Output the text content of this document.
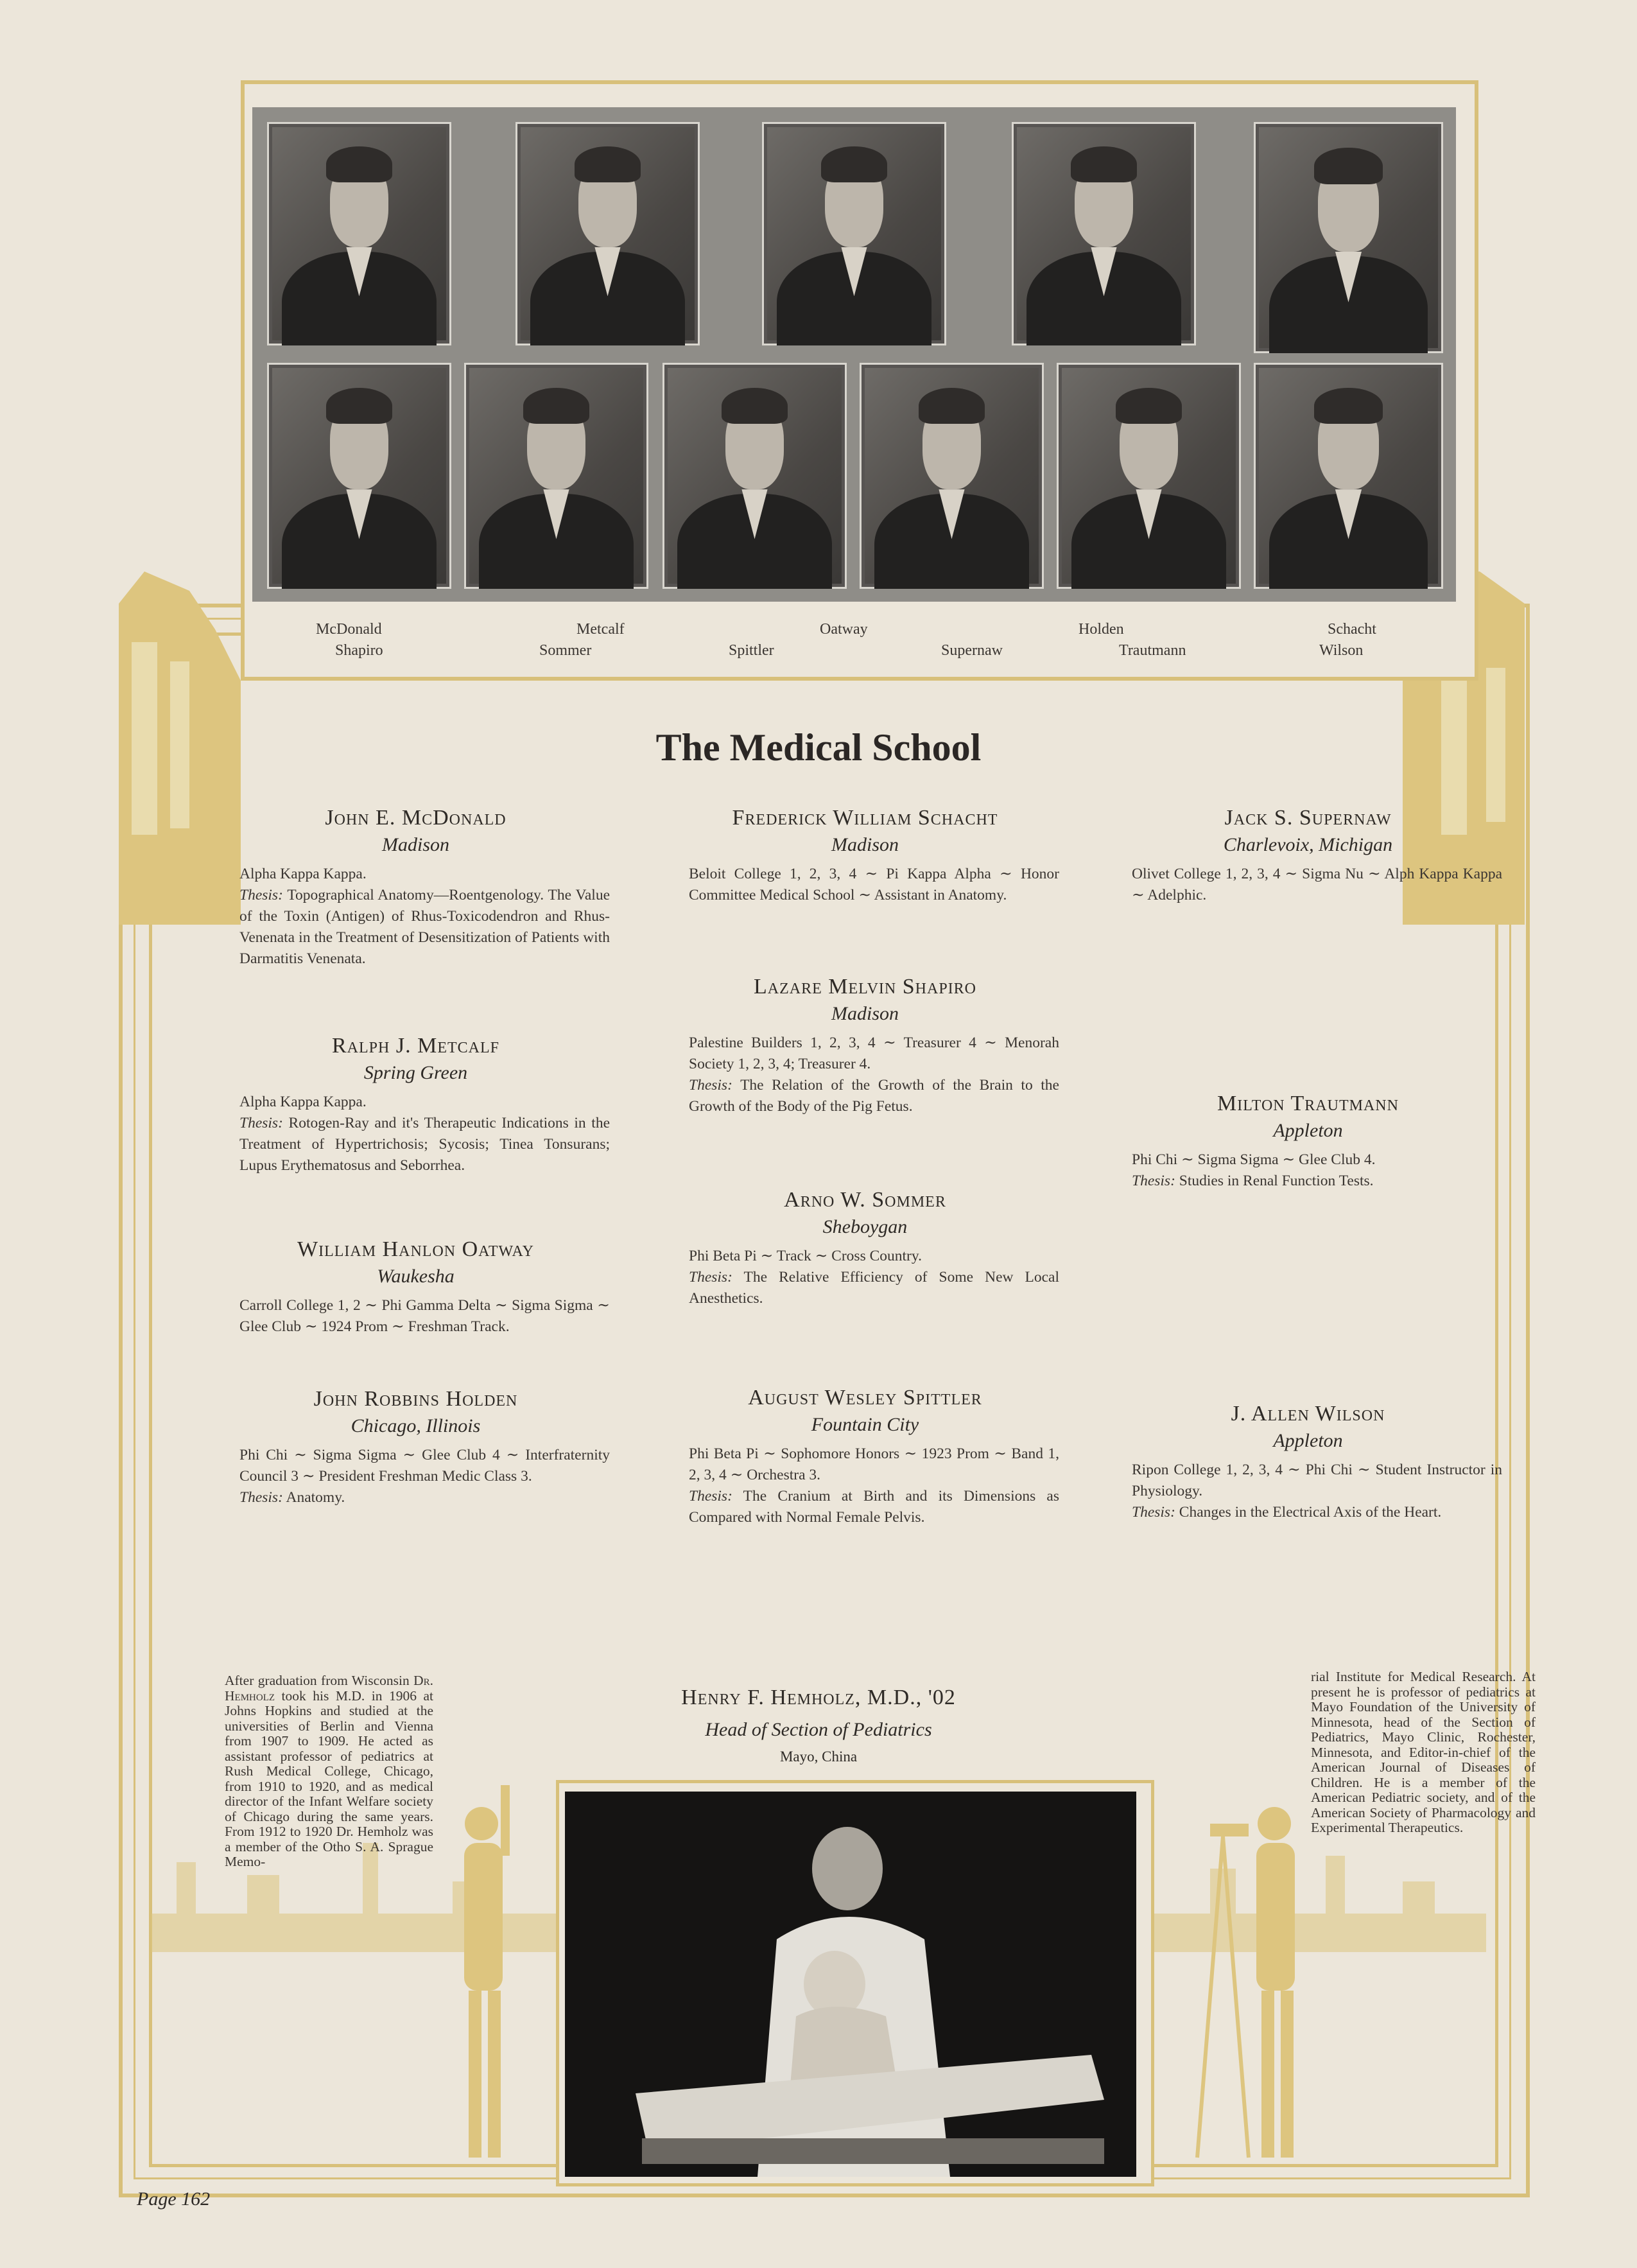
McDonald	Metcalf	Oatway	Holden	Schacht
Shapiro	Sommer	Spittler	Supernaw	Trautmann	Wilson
The Medical School
John E. McDonald
Madison
Alpha Kappa Kappa.
Thesis: Topographical Anatomy—Roentgenology. The Value of the Toxin (Antigen) of Rhus-Toxicodendron and Rhus-Venenata in the Treatment of Desensitization of Patients with Darmatitis Venenata.
Ralph J. Metcalf
Spring Green
Alpha Kappa Kappa.
Thesis: Rotogen-Ray and it's Therapeutic Indications in the Treatment of Hypertrichosis; Sycosis; Tinea Tonsurans; Lupus Erythematosus and Seborrhea.
William Hanlon Oatway
Waukesha
Carroll College 1, 2 ∼ Phi Gamma Delta ∼ Sigma Sigma ∼ Glee Club ∼ 1924 Prom ∼ Freshman Track.
John Robbins Holden
Chicago, Illinois
Phi Chi ∼ Sigma Sigma ∼ Glee Club 4 ∼ Interfraternity Council 3 ∼ President Freshman Medic Class 3.
Thesis: Anatomy.
Frederick William Schacht
Madison
Beloit College 1, 2, 3, 4 ∼ Pi Kappa Alpha ∼ Honor Committee Medical School ∼ Assistant in Anatomy.
Lazare Melvin Shapiro
Madison
Palestine Builders 1, 2, 3, 4 ∼ Treasurer 4 ∼ Menorah Society 1, 2, 3, 4; Treasurer 4.
Thesis: The Relation of the Growth of the Brain to the Growth of the Body of the Pig Fetus.
Arno W. Sommer
Sheboygan
Phi Beta Pi ∼ Track ∼ Cross Country.
Thesis: The Relative Efficiency of Some New Local Anesthetics.
August Wesley Spittler
Fountain City
Phi Beta Pi ∼ Sophomore Honors ∼ 1923 Prom ∼ Band 1, 2, 3, 4 ∼ Orchestra 3.
Thesis: The Cranium at Birth and its Dimensions as Compared with Normal Female Pelvis.
Jack S. Supernaw
Charlevoix, Michigan
Olivet College 1, 2, 3, 4 ∼ Sigma Nu ∼ Alph Kappa Kappa ∼ Adelphic.
Milton Trautmann
Appleton
Phi Chi ∼ Sigma Sigma ∼ Glee Club 4.
Thesis: Studies in Renal Function Tests.
J. Allen Wilson
Appleton
Ripon College 1, 2, 3, 4 ∼ Phi Chi ∼ Student Instructor in Physiology.
Thesis: Changes in the Electrical Axis of the Heart.
After graduation from Wisconsin Dr. Hemholz took his M.D. in 1906 at Johns Hopkins and studied at the universities of Berlin and Vienna from 1907 to 1909. He acted as assistant professor of pediatrics at Rush Medical College, Chicago, from 1910 to 1920, and as medical director of the Infant Welfare society of Chicago during the same years. From 1912 to 1920 Dr. Hemholz was a member of the Otho S. A. Sprague Memo-
Henry F. Hemholz, M.D., '02
Head of Section of Pediatrics
Mayo, China
rial Institute for Medical Research. At present he is professor of pediatrics at Mayo Foundation of the University of Minnesota, head of the Section of Pediatrics, Mayo Clinic, Rochester, Minnesota, and Editor-in-chief of the American Journal of Diseases of Children. He is a member of the American Pediatric society, and of the American Society of Pharmacology and Experimental Therapeutics.
Page 162
